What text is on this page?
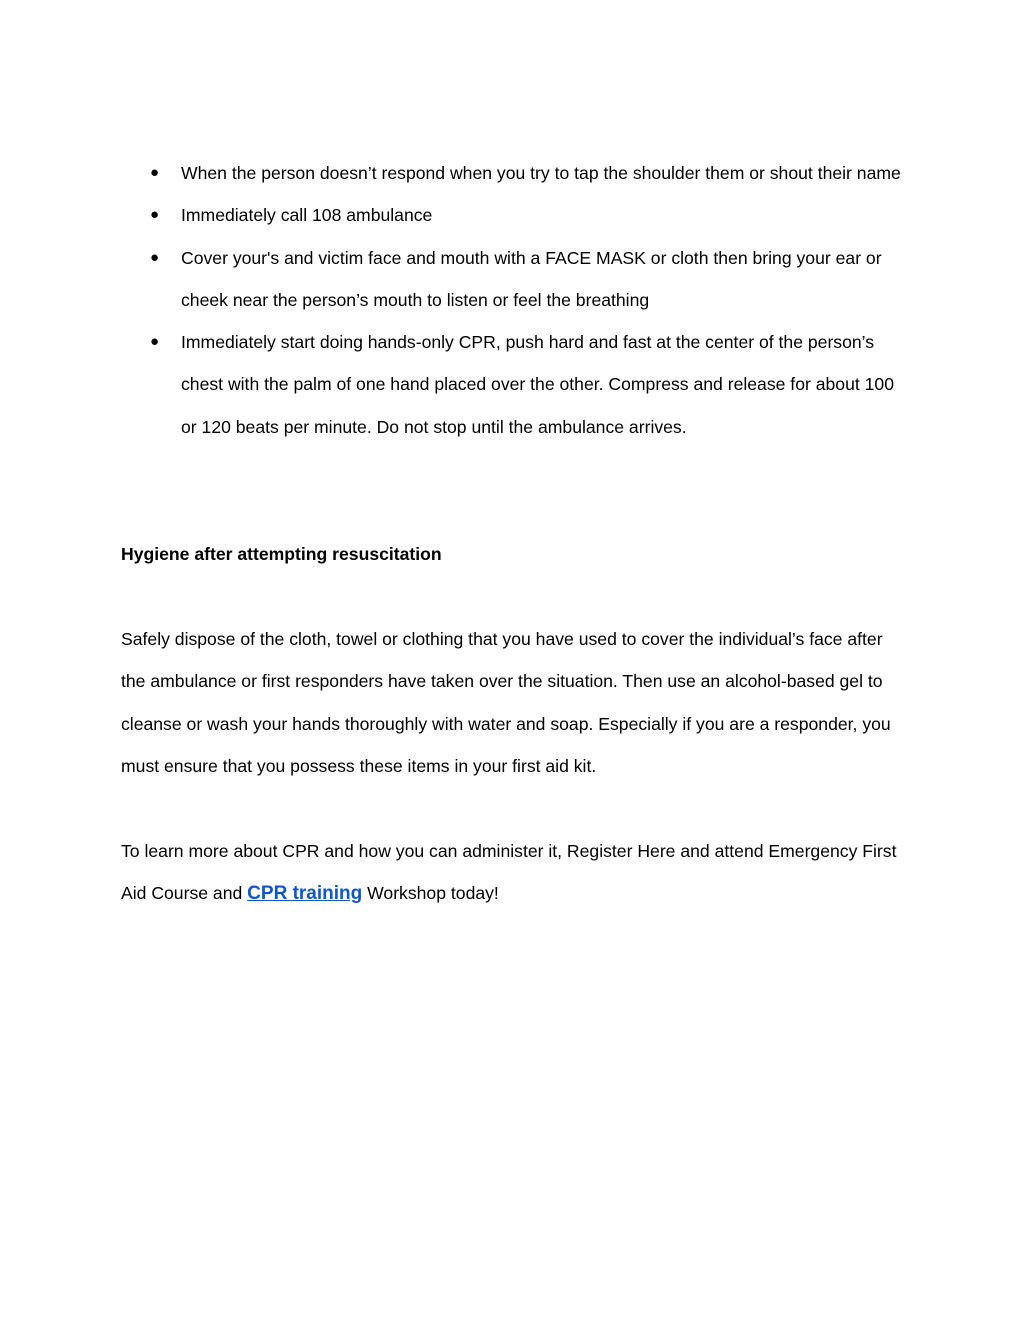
● When the person doesn’t respond when you try to tap the shoulder them or shout their name
● Immediately call 108 ambulance
● Cover your's and victim face and mouth with a FACE MASK or cloth then bring your ear or cheek near the person’s mouth to listen or feel the breathing
● Immediately start doing hands-only CPR, push hard and fast at the center of the person’s chest with the palm of one hand placed over the other. Compress and release for about 100 or 120 beats per minute. Do not stop until the ambulance arrives.
Hygiene after attempting resuscitation

Safely dispose of the cloth, towel or clothing that you have used to cover the individual’s face after the ambulance or first responders have taken over the situation. Then use an alcohol-based gel to cleanse or wash your hands thoroughly with water and soap. Especially if you are a responder, you must ensure that you possess these items in your first aid kit.

To learn more about CPR and how you can administer it, Register Here and attend Emergency First Aid Course and CPR training Workshop today!
